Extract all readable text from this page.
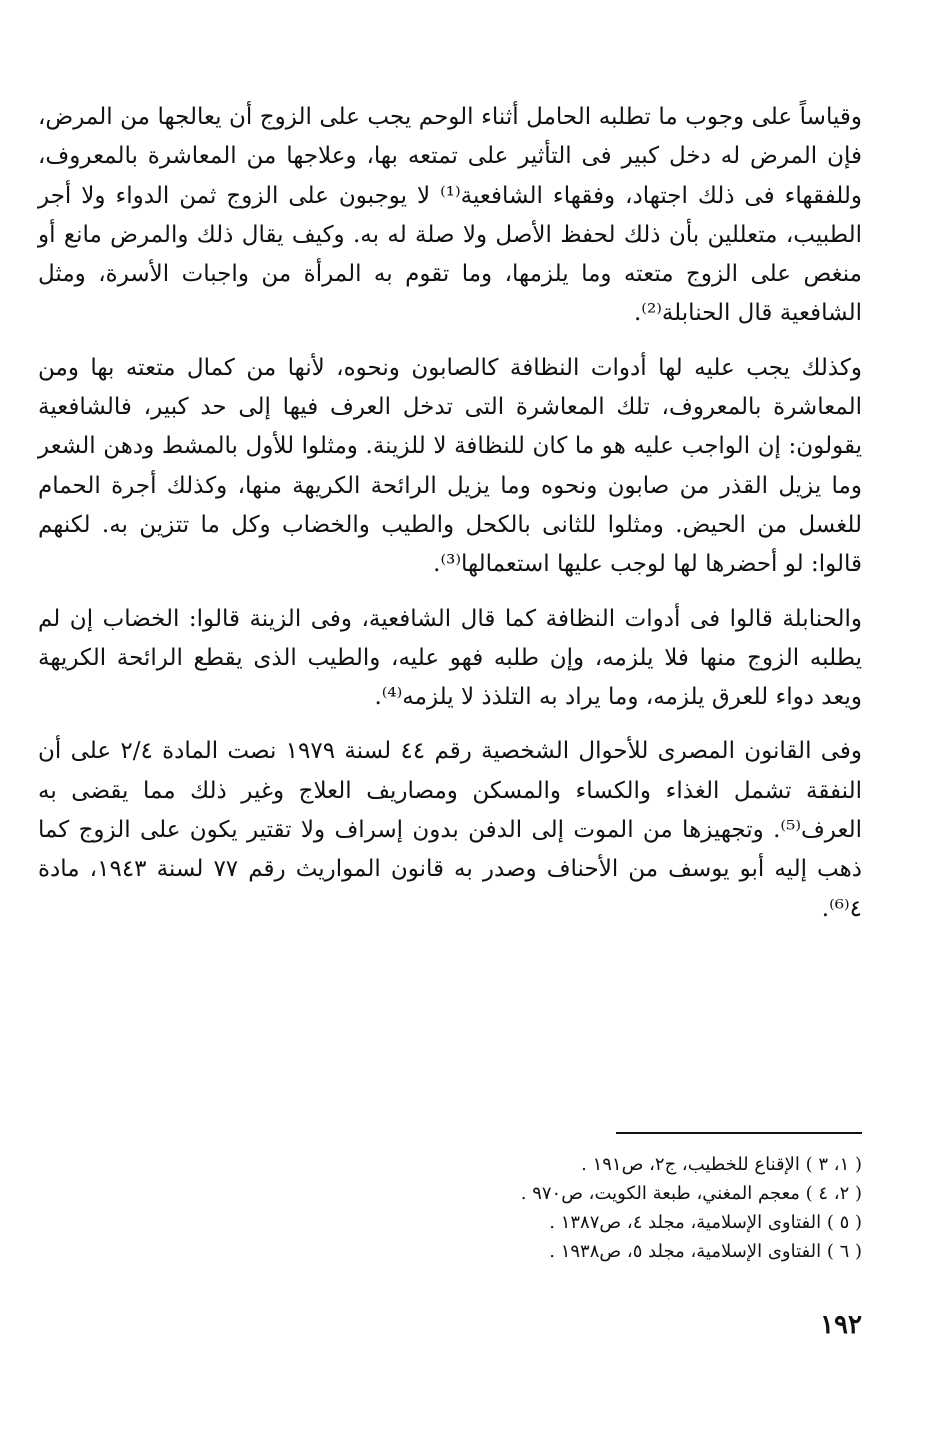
وقياساً على وجوب ما تطلبه الحامل أثناء الوحم يجب على الزوج أن يعالجها من المرض، فإن المرض له دخل كبير فى التأثير على تمتعه بها، وعلاجها من المعاشرة بالمعروف، وللفقهاء فى ذلك اجتهاد، وفقهاء الشافعية⁽¹⁾ لا يوجبون على الزوج ثمن الدواء ولا أجر الطبيب، متعللين بأن ذلك لحفظ الأصل ولا صلة له به. وكيف يقال ذلك والمرض مانع أو منغص على الزوج متعته وما يلزمها، وما تقوم به المرأة من واجبات الأسرة، ومثل الشافعية قال الحنابلة⁽²⁾.

وكذلك يجب عليه لها أدوات النظافة كالصابون ونحوه، لأنها من كمال متعته بها ومن المعاشرة بالمعروف، تلك المعاشرة التى تدخل العرف فيها إلى حد كبير، فالشافعية يقولون: إن الواجب عليه هو ما كان للنظافة لا للزينة. ومثلوا للأول بالمشط ودهن الشعر وما يزيل القذر من صابون ونحوه وما يزيل الرائحة الكريهة منها، وكذلك أجرة الحمام للغسل من الحيض. ومثلوا للثانى بالكحل والطيب والخضاب وكل ما تتزين به. لكنهم قالوا: لو أحضرها لها لوجب عليها استعمالها⁽³⁾.

والحنابلة قالوا فى أدوات النظافة كما قال الشافعية، وفى الزينة قالوا: الخضاب إن لم يطلبه الزوج منها فلا يلزمه، وإن طلبه فهو عليه، والطيب الذى يقطع الرائحة الكريهة ويعد دواء للعرق يلزمه، وما يراد به التلذذ لا يلزمه⁽⁴⁾.

وفى القانون المصرى للأحوال الشخصية رقم ٤٤ لسنة ١٩٧٩ نصت المادة ٢/٤ على أن النفقة تشمل الغذاء والكساء والمسكن ومصاريف العلاج وغير ذلك مما يقضى به العرف⁽⁵⁾. وتجهيزها من الموت إلى الدفن بدون إسراف ولا تقتير يكون على الزوج كما ذهب إليه أبو يوسف من الأحناف وصدر به قانون المواريث رقم ٧٧ لسنة ١٩٤٣، مادة ٤⁽⁶⁾.

( ١، ٣ ) الإقناع للخطيب، ج٢، ص١٩١ .
( ٢، ٤ ) معجم المغني، طبعة الكويت، ص٩٧٠ .
( ٥ ) الفتاوى الإسلامية، مجلد ٤، ص١٣٨٧ .
( ٦ ) الفتاوى الإسلامية، مجلد ٥، ص١٩٣٨ .
١٩٢
